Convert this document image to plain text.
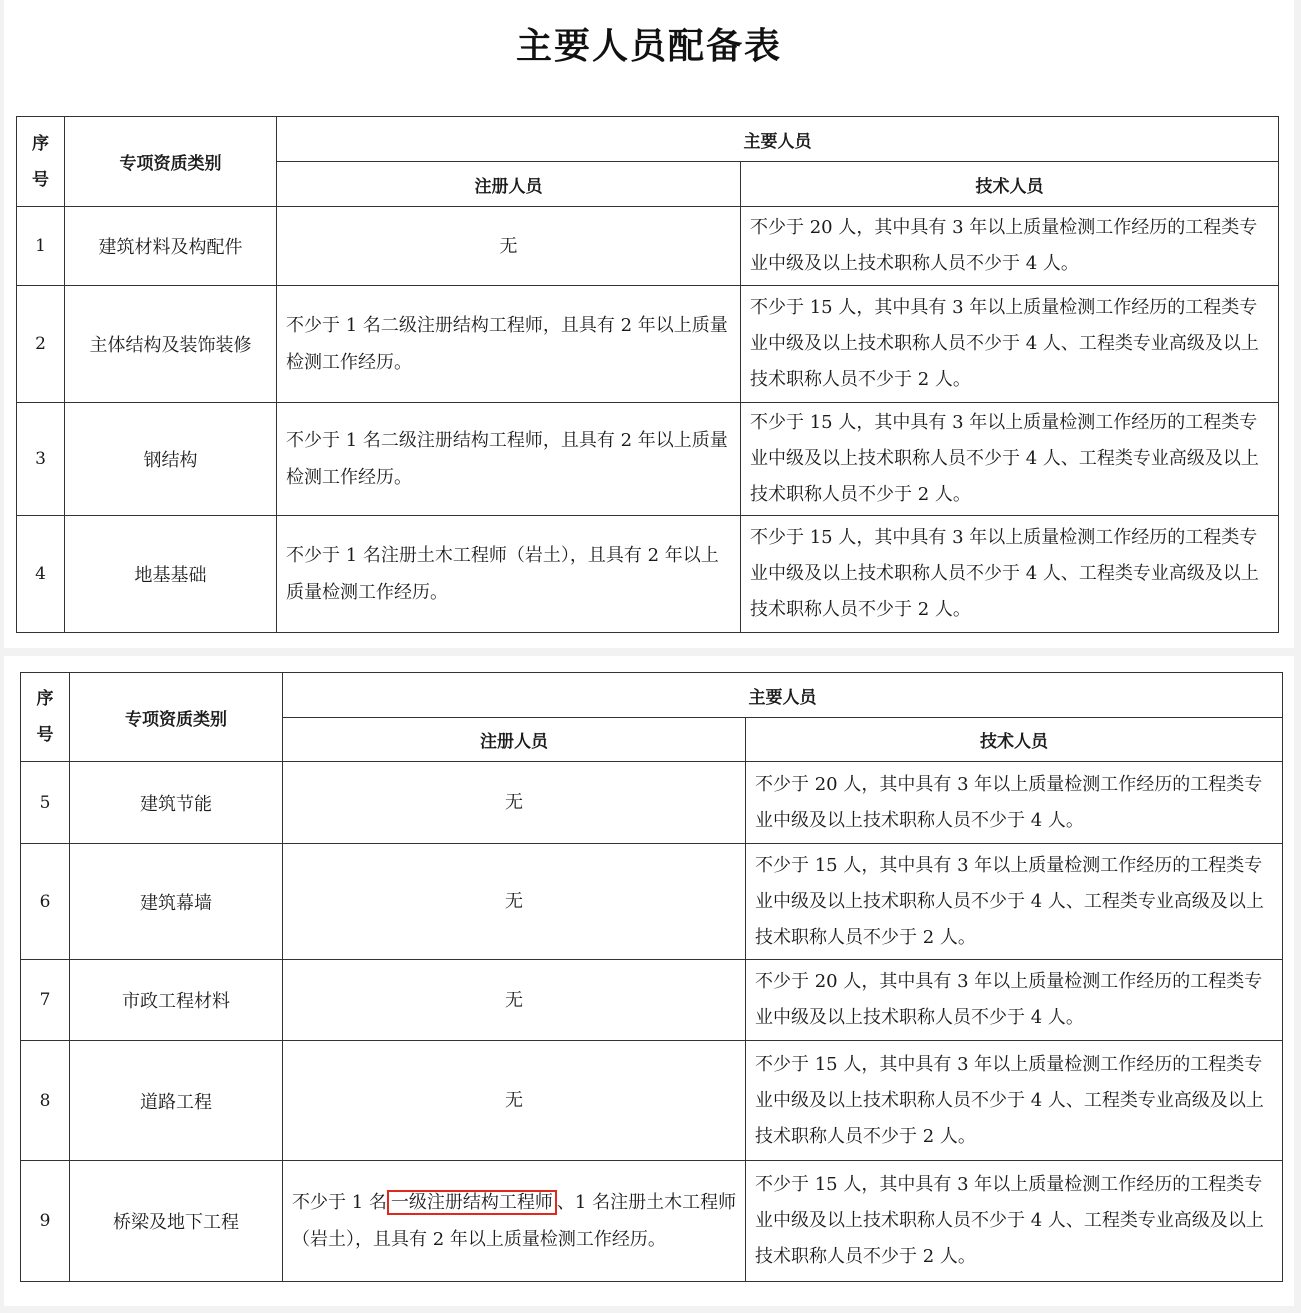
主要人员配备表
序
号	专项资质类别	主要人员	
		注册人员	技术人员
1	建筑材料及构配件	无	不少于 20 人，其中具有 3 年以上质量检测工作经历的工程类专业中级及以上技术职称人员不少于 4 人。
2	主体结构及装饰装修	不少于 1 名二级注册结构工程师，且具有 2 年以上质量检测工作经历。	不少于 15 人，其中具有 3 年以上质量检测工作经历的工程类专业中级及以上技术职称人员不少于 4 人、工程类专业高级及以上技术职称人员不少于 2 人。
3	钢结构	不少于 1 名二级注册结构工程师，且具有 2 年以上质量检测工作经历。	不少于 15 人，其中具有 3 年以上质量检测工作经历的工程类专业中级及以上技术职称人员不少于 4 人、工程类专业高级及以上技术职称人员不少于 2 人。
4	地基基础	不少于 1 名注册土木工程师（岩土），且具有 2 年以上质量检测工作经历。	不少于 15 人，其中具有 3 年以上质量检测工作经历的工程类专业中级及以上技术职称人员不少于 4 人、工程类专业高级及以上技术职称人员不少于 2 人。
序
号	专项资质类别	主要人员	
		注册人员	技术人员
5	建筑节能	无	不少于 20 人，其中具有 3 年以上质量检测工作经历的工程类专业中级及以上技术职称人员不少于 4 人。
6	建筑幕墙	无	不少于 15 人，其中具有 3 年以上质量检测工作经历的工程类专业中级及以上技术职称人员不少于 4 人、工程类专业高级及以上技术职称人员不少于 2 人。
7	市政工程材料	无	不少于 20 人，其中具有 3 年以上质量检测工作经历的工程类专业中级及以上技术职称人员不少于 4 人。
8	道路工程	无	不少于 15 人，其中具有 3 年以上质量检测工作经历的工程类专业中级及以上技术职称人员不少于 4 人、工程类专业高级及以上技术职称人员不少于 2 人。
9	桥梁及地下工程	不少于 1 名 一级注册结构工程师 、1 名注册土木工程师（岩土），且具有 2 年以上质量检测工作经历。	不少于 15 人，其中具有 3 年以上质量检测工作经历的工程类专业中级及以上技术职称人员不少于 4 人、工程类专业高级及以上技术职称人员不少于 2 人。
